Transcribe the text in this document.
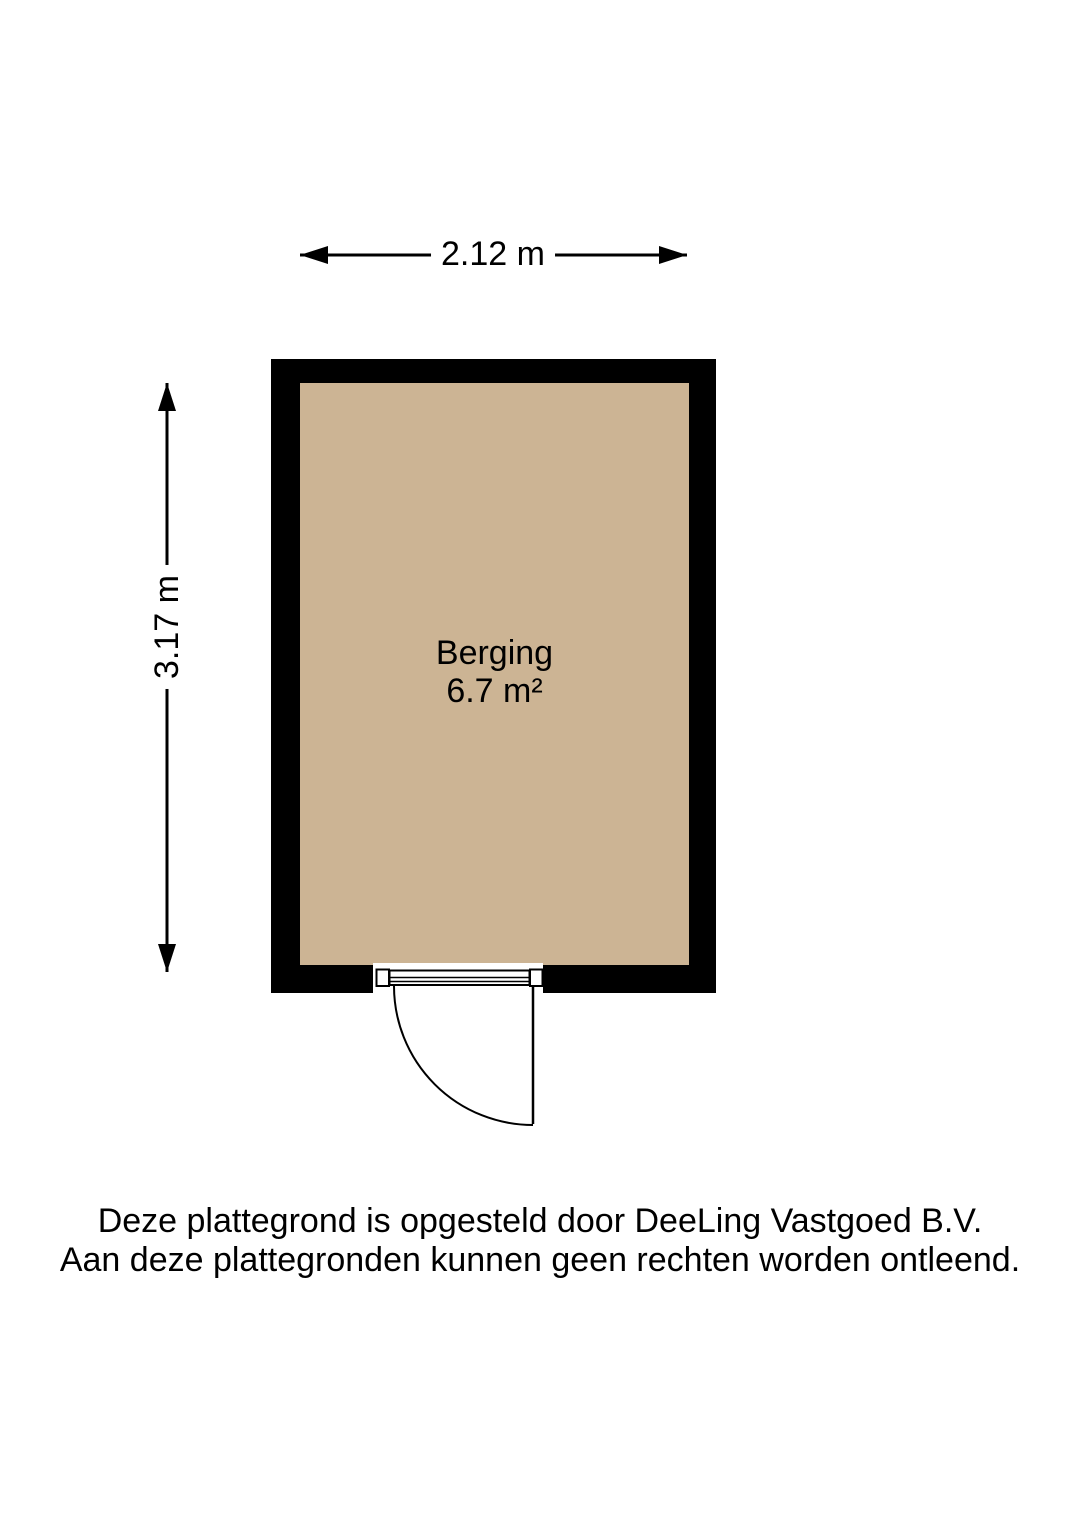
2.12 m
3.17 m	Berging
6.7 m²
Deze plattegrond is opgesteld door DeeLing Vastgoed B.V.
Aan deze plattegronden kunnen geen rechten worden ontleend.
